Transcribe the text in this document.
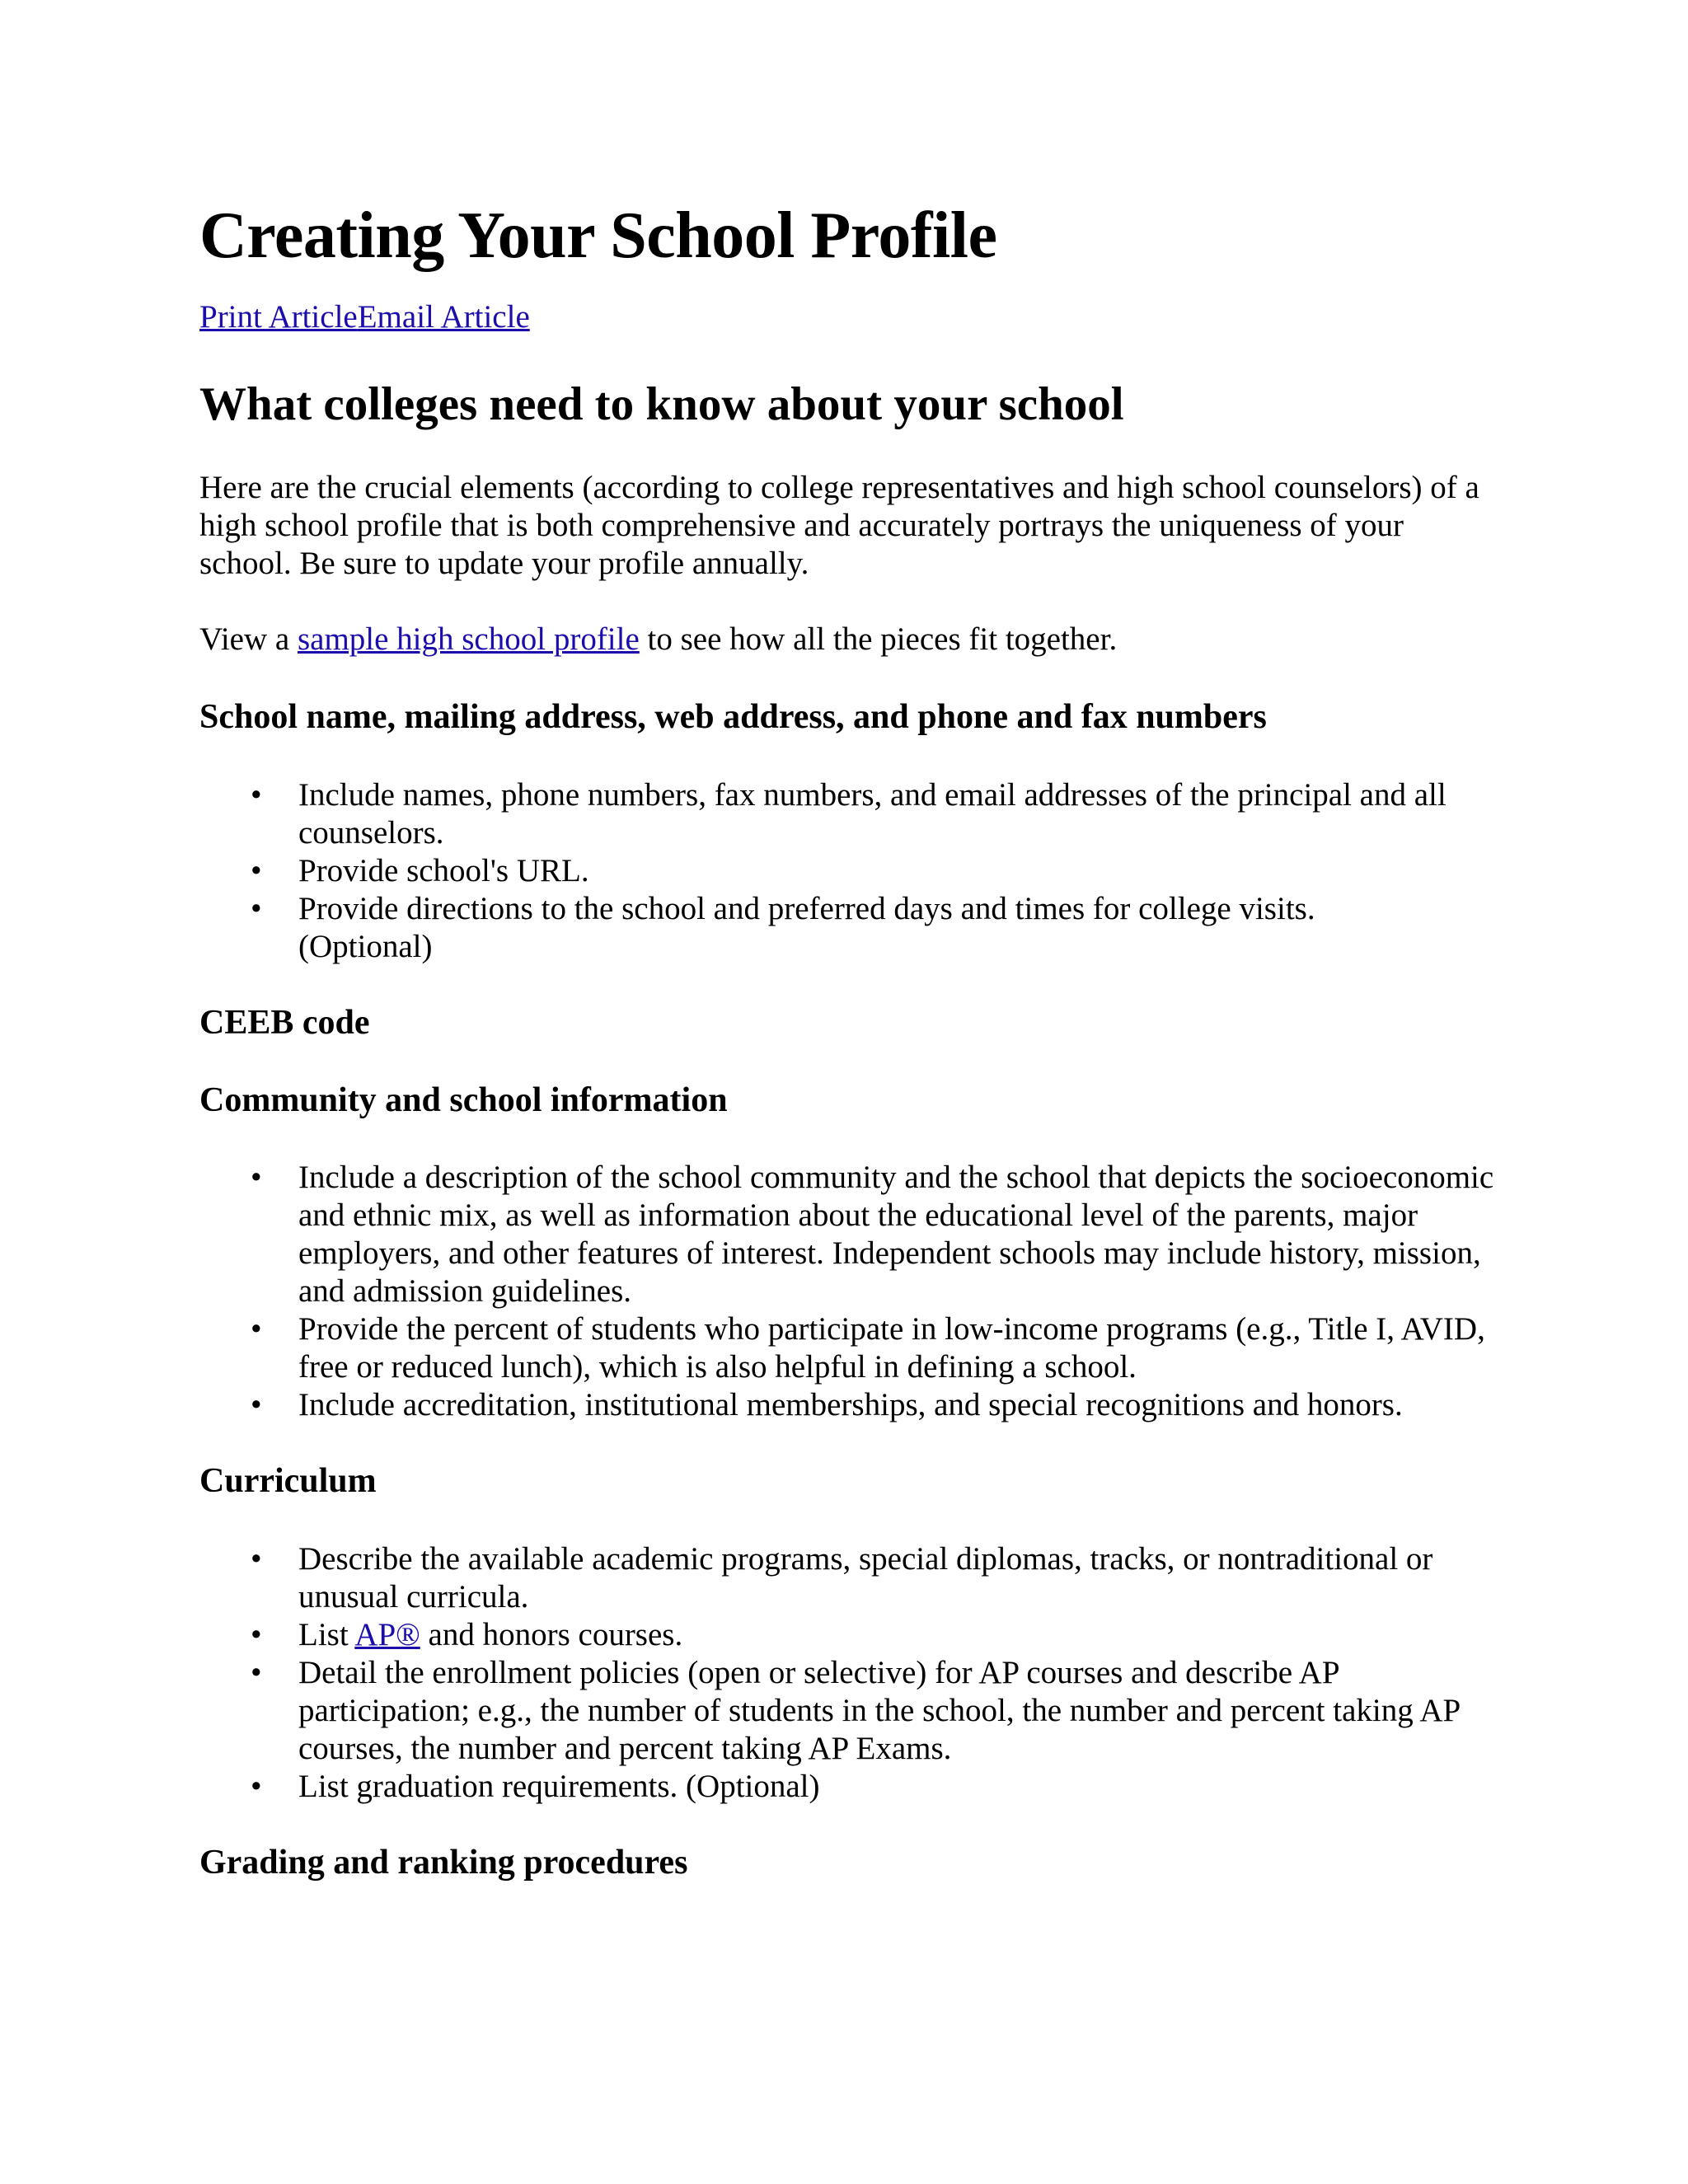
Creating Your School Profile
Print ArticleEmail Article
What colleges need to know about your school

Here are the crucial elements (according to college representatives and high school counselors) of a high school profile that is both comprehensive and accurately portrays the uniqueness of your school. Be sure to update your profile annually.

View a sample high school profile to see how all the pieces fit together.

School name, mailing address, web address, and phone and fax numbers
• Include names, phone numbers, fax numbers, and email addresses of the principal and all counselors.
• Provide school's URL.
• Provide directions to the school and preferred days and times for college visits. (Optional)
CEEB code
Community and school information
• Include a description of the school community and the school that depicts the socioeconomic and ethnic mix, as well as information about the educational level of the parents, major employers, and other features of interest. Independent schools may include history, mission, and admission guidelines.
• Provide the percent of students who participate in low-income programs (e.g., Title I, AVID, free or reduced lunch), which is also helpful in defining a school.
• Include accreditation, institutional memberships, and special recognitions and honors.
Curriculum
• Describe the available academic programs, special diplomas, tracks, or nontraditional or unusual curricula.
• List AP® and honors courses.
• Detail the enrollment policies (open or selective) for AP courses and describe AP participation; e.g., the number of students in the school, the number and percent taking AP courses, the number and percent taking AP Exams.
• List graduation requirements. (Optional)
Grading and ranking procedures
